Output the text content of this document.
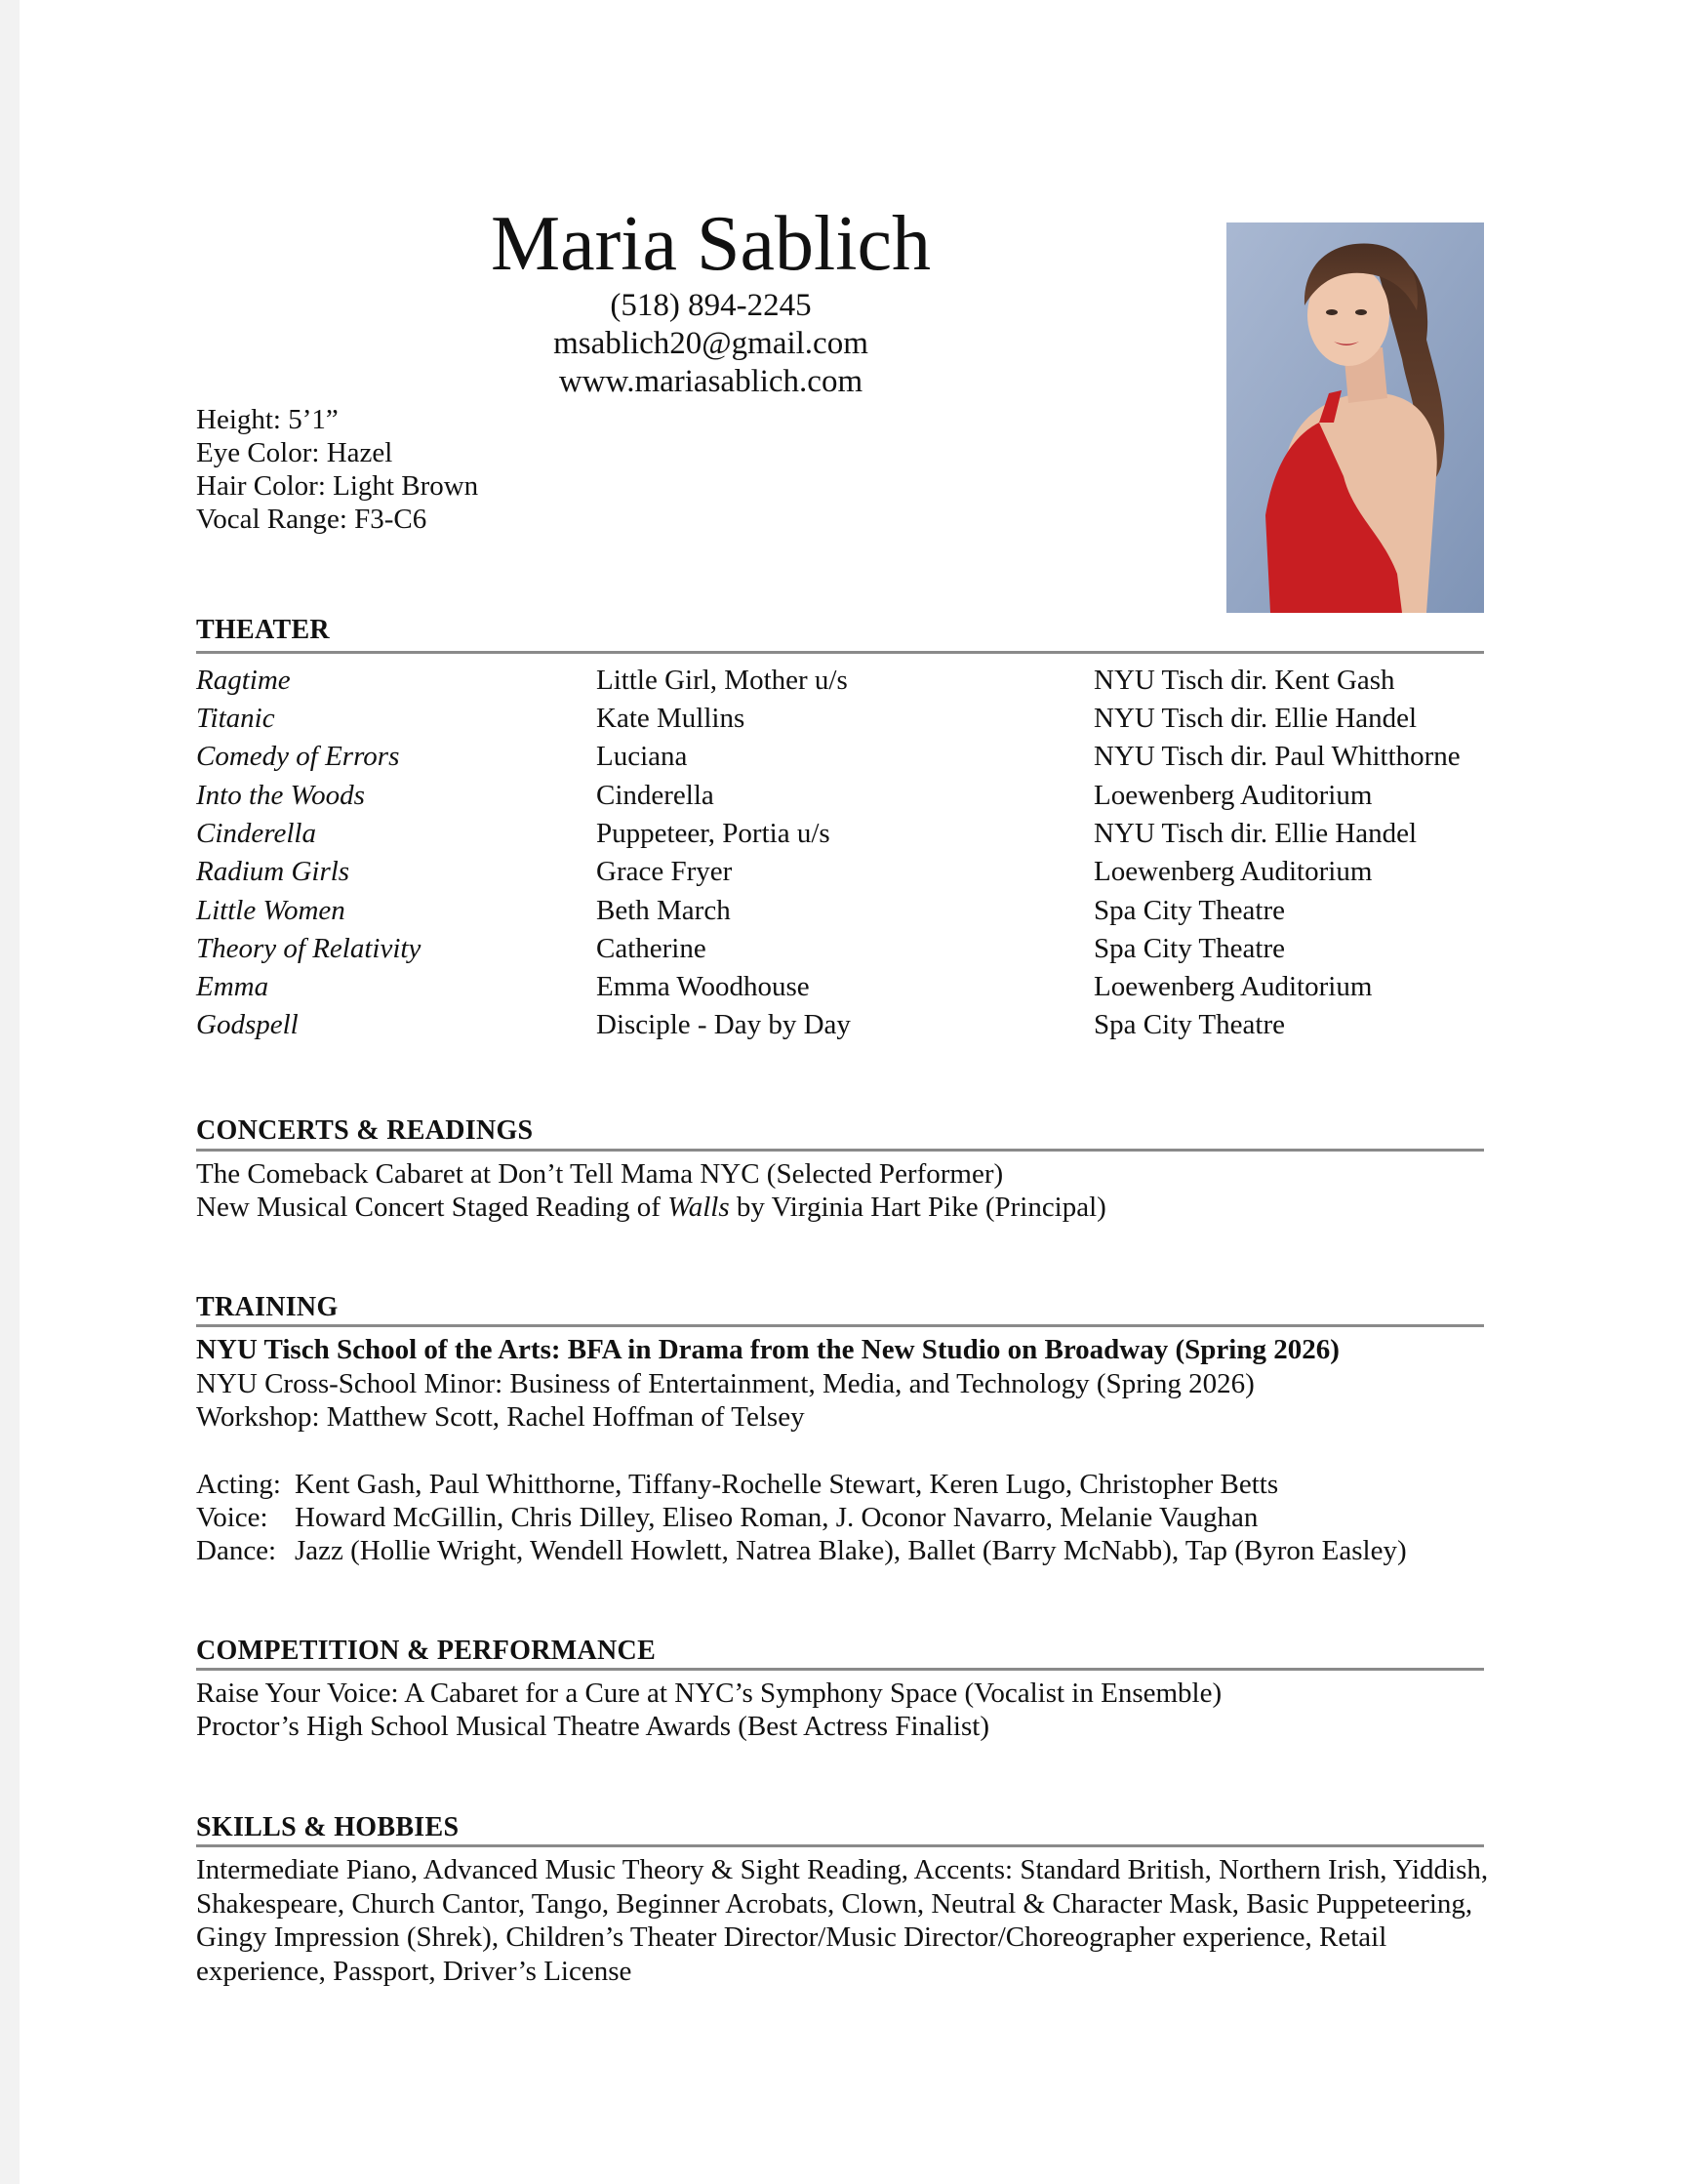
Maria Sablich
(518) 894-2245
msablich20@gmail.com
www.mariasablich.com
Height: 5’1”
Eye Color: Hazel
Hair Color: Light Brown
Vocal Range: F3-C6
THEATER
Ragtime	Little Girl, Mother u/s	NYU Tisch dir. Kent Gash
Titanic	Kate Mullins	NYU Tisch dir. Ellie Handel
Comedy of Errors	Luciana	NYU Tisch dir. Paul Whitthorne
Into the Woods	Cinderella	Loewenberg Auditorium
Cinderella	Puppeteer, Portia u/s	NYU Tisch dir. Ellie Handel
Radium Girls	Grace Fryer	Loewenberg Auditorium
Little Women	Beth March	Spa City Theatre
Theory of Relativity	Catherine	Spa City Theatre
Emma	Emma Woodhouse	Loewenberg Auditorium
Godspell	Disciple - Day by Day	Spa City Theatre
CONCERTS & READINGS
The Comeback Cabaret at Don’t Tell Mama NYC (Selected Performer)
New Musical Concert Staged Reading of Walls by Virginia Hart Pike (Principal)
TRAINING
NYU Tisch School of the Arts: BFA in Drama from the New Studio on Broadway (Spring 2026)
NYU Cross-School Minor: Business of Entertainment, Media, and Technology (Spring 2026)
Workshop: Matthew Scott, Rachel Hoffman of Telsey
Acting: Kent Gash, Paul Whitthorne, Tiffany-Rochelle Stewart, Keren Lugo, Christopher Betts
Voice: Howard McGillin, Chris Dilley, Eliseo Roman, J. Oconor Navarro, Melanie Vaughan
Dance: Jazz (Hollie Wright, Wendell Howlett, Natrea Blake), Ballet (Barry McNabb), Tap (Byron Easley)
COMPETITION & PERFORMANCE
Raise Your Voice: A Cabaret for a Cure at NYC’s Symphony Space (Vocalist in Ensemble)
Proctor’s High School Musical Theatre Awards (Best Actress Finalist)
SKILLS & HOBBIES
Intermediate Piano, Advanced Music Theory & Sight Reading, Accents: Standard British, Northern Irish, Yiddish, Shakespeare, Church Cantor, Tango, Beginner Acrobats, Clown, Neutral & Character Mask, Basic Puppeteering, Gingy Impression (Shrek), Children’s Theater Director/Music Director/Choreographer experience, Retail experience, Passport, Driver’s License
